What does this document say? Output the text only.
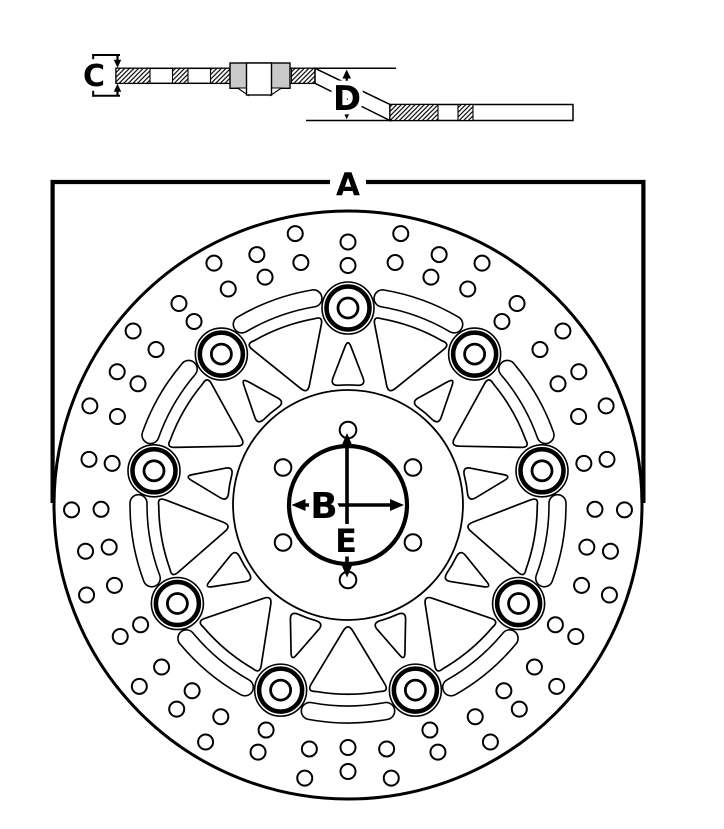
A
C
D
B
E
